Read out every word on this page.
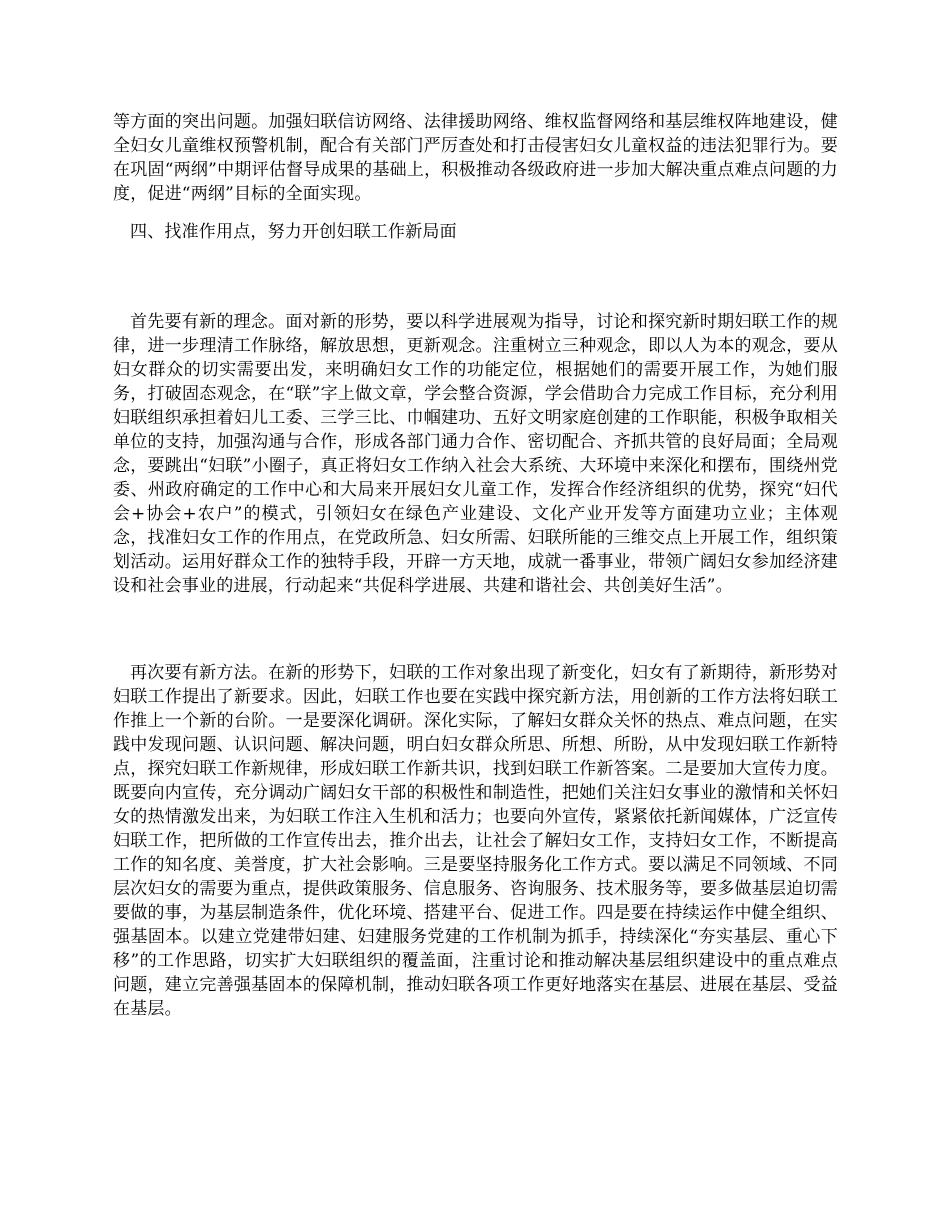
等方面的突出问题。加强妇联信访网络、法律援助网络、维权监督网络和基层维权阵地建设，健全妇女儿童维权预警机制，配合有关部门严厉查处和打击侵害妇女儿童权益的违法犯罪行为。要在巩固“两纲”中期评估督导成果的基础上，积极推动各级政府进一步加大解决重点难点问题的力度，促进“两纲”目标的全面实现。

四、找准作用点，努力开创妇联工作新局面

首先要有新的理念。面对新的形势，要以科学进展观为指导，讨论和探究新时期妇联工作的规律，进一步理清工作脉络，解放思想，更新观念。注重树立三种观念，即以人为本的观念，要从妇女群众的切实需要出发，来明确妇女工作的功能定位，根据她们的需要开展工作，为她们服务，打破固态观念，在“联”字上做文章，学会整合资源，学会借助合力完成工作目标，充分利用妇联组织承担着妇儿工委、三学三比、巾帼建功、五好文明家庭创建的工作职能，积极争取相关单位的支持，加强沟通与合作，形成各部门通力合作、密切配合、齐抓共管的良好局面；全局观念，要跳出“妇联”小圈子，真正将妇女工作纳入社会大系统、大环境中来深化和摆布，围绕州党委、州政府确定的工作中心和大局来开展妇女儿童工作，发挥合作经济组织的优势，探究“妇代会+协会+农户”的模式，引领妇女在绿色产业建设、文化产业开发等方面建功立业；主体观念，找准妇女工作的作用点，在党政所急、妇女所需、妇联所能的三维交点上开展工作，组织策划活动。运用好群众工作的独特手段，开辟一方天地，成就一番事业，带领广阔妇女参加经济建设和社会事业的进展，行动起来“共促科学进展、共建和谐社会、共创美好生活”。

再次要有新方法。在新的形势下，妇联的工作对象出现了新变化，妇女有了新期待，新形势对妇联工作提出了新要求。因此，妇联工作也要在实践中探究新方法，用创新的工作方法将妇联工作推上一个新的台阶。一是要深化调研。深化实际，了解妇女群众关怀的热点、难点问题，在实践中发现问题、认识问题、解决问题，明白妇女群众所思、所想、所盼，从中发现妇联工作新特点，探究妇联工作新规律，形成妇联工作新共识，找到妇联工作新答案。二是要加大宣传力度。既要向内宣传，充分调动广阔妇女干部的积极性和制造性，把她们关注妇女事业的激情和关怀妇女的热情激发出来，为妇联工作注入生机和活力；也要向外宣传，紧紧依托新闻媒体，广泛宣传妇联工作，把所做的工作宣传出去，推介出去，让社会了解妇女工作，支持妇女工作，不断提高工作的知名度、美誉度，扩大社会影响。三是要坚持服务化工作方式。要以满足不同领域、不同层次妇女的需要为重点，提供政策服务、信息服务、咨询服务、技术服务等，要多做基层迫切需要做的事，为基层制造条件，优化环境、搭建平台、促进工作。四是要在持续运作中健全组织、强基固本。以建立党建带妇建、妇建服务党建的工作机制为抓手，持续深化“夯实基层、重心下移”的工作思路，切实扩大妇联组织的覆盖面，注重讨论和推动解决基层组织建设中的重点难点问题，建立完善强基固本的保障机制，推动妇联各项工作更好地落实在基层、进展在基层、受益在基层。
